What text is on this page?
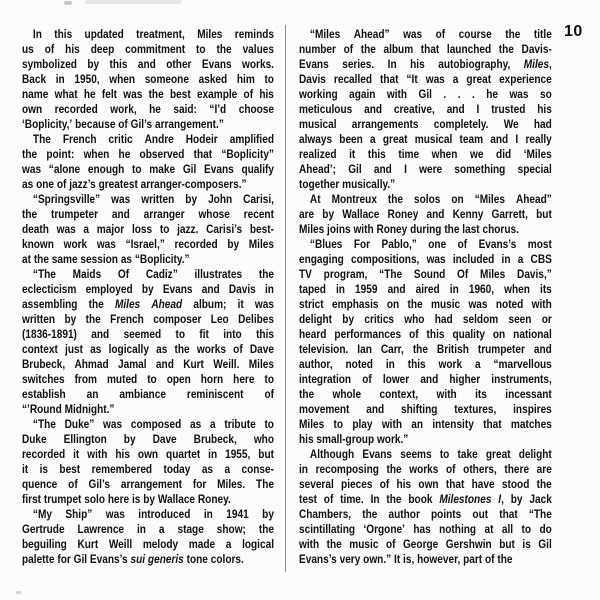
In this updated treatment, Miles reminds
us of his deep commitment to the values
symbolized by this and other Evans works.
Back in 1950, when someone asked him to
name what he felt was the best example of his
own recorded work, he said: “I’d choose
‘Boplicity,’ because of Gil’s arrangement.”
The French critic Andre Hodeir amplified
the point: when he observed that “Boplicity”
was “alone enough to make Gil Evans qualify
as one of jazz’s greatest arranger-composers.”
“Springsville” was written by John Carisi,
the trumpeter and arranger whose recent
death was a major loss to jazz. Carisi’s best-
known work was “Israel,” recorded by Miles
at the same session as “Boplicity.”
“The Maids Of Cadiz” illustrates the
eclecticism employed by Evans and Davis in
assembling the Miles Ahead album; it was
written by the French composer Leo Delibes
(1836-1891) and seemed to fit into this
context just as logically as the works of Dave
Brubeck, Ahmad Jamal and Kurt Weill. Miles
switches from muted to open horn here to
establish an ambiance reminiscent of
“’Round Midnight.”
“The Duke” was composed as a tribute to
Duke Ellington by Dave Brubeck, who
recorded it with his own quartet in 1955, but
it is best remembered today as a conse-
quence of Gil’s arrangement for Miles. The
first trumpet solo here is by Wallace Roney.
“My Ship” was introduced in 1941 by
Gertrude Lawrence in a stage show; the
beguiling Kurt Weill melody made a logical
palette for Gil Evans’s sui generis tone colors.
“Miles Ahead” was of course the title
number of the album that launched the Davis-
Evans series. In his autobiography, Miles,
Davis recalled that “It was a great experience
working again with Gil . . . he was so
meticulous and creative, and I trusted his
musical arrangements completely. We had
always been a great musical team and I really
realized it this time when we did ‘Miles
Ahead’; Gil and I were something special
together musically.”
At Montreux the solos on “Miles Ahead”
are by Wallace Roney and Kenny Garrett, but
Miles joins with Roney during the last chorus.
“Blues For Pablo,” one of Evans’s most
engaging compositions, was included in a CBS
TV program, “The Sound Of Miles Davis,”
taped in 1959 and aired in 1960, when its
strict emphasis on the music was noted with
delight by critics who had seldom seen or
heard performances of this quality on national
television. Ian Carr, the British trumpeter and
author, noted in this work a “marvellous
integration of lower and higher instruments,
the whole context, with its incessant
movement and shifting textures, inspires
Miles to play with an intensity that matches
his small-group work.”
Although Evans seems to take great delight
in recomposing the works of others, there are
several pieces of his own that have stood the
test of time. In the book Milestones I, by Jack
Chambers, the author points out that “The
scintillating ‘Orgone’ has nothing at all to do
with the music of George Gershwin but is Gil
Evans’s very own.” It is, however, part of the
10
